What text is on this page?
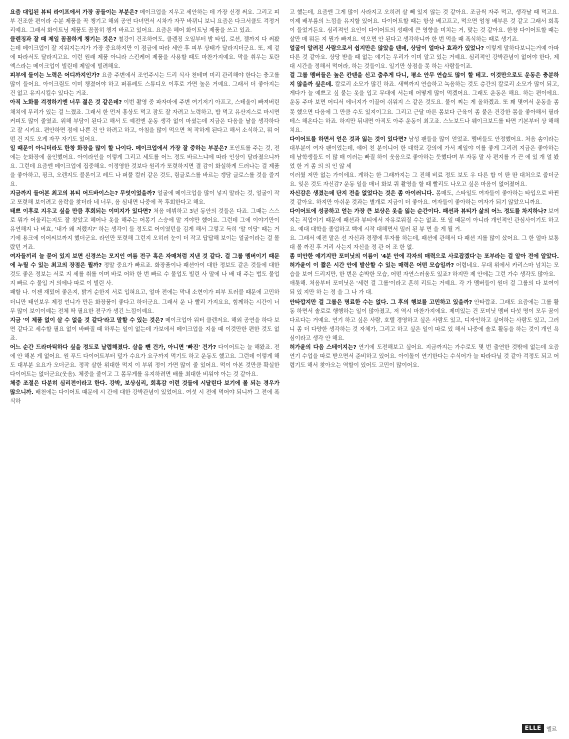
요즘 대입된 뷰티 라이프에서 가장 공들이는 부분은? 메이크업을 지우고 세안하는 데 가장 신경 써요. 그리고 피부 건조한 편이라 수분 제품을 꼭 챙기고 해외 공연 다녀면서 시차가 자꾸 바뀌니 보니 요즘은 다크서클도 걱정거리예요. 그래서 화이트닝 제품도 꼼꼼히 챙겨 바르고 있어요. 요즘은 헤어 화이트닝 제품을 쓰고 있죠.

클렌징과 잘 때 제일 꼼꼼하게 챙기는 것은? 철강이 건조하여도, 클렌징 오일부터 밤 타입, 로션, 젤까지 다 써봤는데 메이크업이 잘 지워지는지가 가장 중요하지만 이 점금에 따라 세안 후 피부 상태가 달라지더군요. 또, 제 겉에 따라서도 달라지고요. 이런 원래 제품 아니라 스킨케어 제품을 사용할 때도 마찬가지예요. 막을 취우는 토란 엑스라는 메이크업이 빌린데 제일에 빌려해요.

피부에 들이는 노력은 어디까지인가? 요즘 주변에서 조언주시는 드리 식사 천테며 미리 관리해야 한다는 충고를 많이 들어요. 아이크림도 이미 챙겼어야 하고 퍼퓨레도 스튜디오 이후로 가면 높은 거예요. 그래서 더 좋아지는 건 없고 유지시킬수 있다는 거죠.

아직 노화를 걱정하기엔 너무 젊은 것 같은데? 이번 촬영 중 파자마에 주변 여기저기 아프고, 스테울이 빠져버린 채치에 무리가 있는 걸 느꼈죠. 그래서 한 먼저 흥상도 먹고 잠도 잘 자려고 노력하고, 밥 먹고 유산지스로 마시면 커피도 많이 줄였죠. 위해 부담이 된다고 해서 도 예전엔 운동 생각 없이 마셨는데 지금은 다음을 날을 생각하다고 잘 시키요. 편안하면 점에 나쁜 건 안 하려고 하고, 아침을 많이 먹으면 척 작하게 된다고 해서 소식하고, 뭐 어떤 건 지도 오게 자꾸 자기도 있어요.

일 때문이 아니더라도 한창 화장을 많이 할 나이다. 메이크업에서 가장 잘 중하는 부분은? 포인트를 주는 것, 전에는 눈화장에 올인했어요. 아이라인을 이렇게 그리고 세도를 어느 정도 바르느냐에 따라 인상이 달라졌으니까요. 그런데 요즘엔 메이크업에 집중해요. 이정영한 것보다 원리가 또렷하지면 결 감이 화실하게 드러나는 걸 제품을 좋아하고, 핑크, 오렌지도 블론이고 레드 나 퍼풀 컬러 같은 것도, 림글로스를 바르는 갱담 글로스를 것을 즐겨요.

지금까지 들어본 최고의 뷰티 어드바이스는? 무엇이었을까? 얼굴에 메이크업을 많이 넣지 말라는 것, 얼굴이 작고 또렷해 보이려고 음락을 찾더라 네 너무, 음 심내면 나중에 꼭 후회한다고 해요.

태쁘 이후로 지우고 싶을 만큼 후회되는 이미지가 있다면? 처음 데뷔하고 3년 동안의 것들은 다죠. 그때는 스스로 뭐가 어울리는지도 잘 찾았고 헤어나 옷을 해주는 어몽기 스승에 맡 겨야만 했어요. 그런데 그에 이야기만이 유연해지 나 버효, '내가 왜 저랬지?' 하는 생각이 들 정도로 어이였던을 김게 해서 그렇고 득히 '말 이당' 때는 거기에 용크에 이어씨브까지 했더군요. 라인만 또렷해 그런지 오히러 눈이 더 작고 답답해 보이는 얼굴이라는 걸 몰랐던 거죠.

여자들끼리 늘 묻어 있지 보면 신경쓰는 모지인 여름 전구 혹은 자매처럼 지낸 것 같다. 걸 그룹 멤버이기 때문에 누릴 수 있는 최고의 장점은 뭘까? 정말 중요가 빠르죠. 화장품이나 패션아이 대한 정보도 같은 것들에 대한 것도 좋은 정보는 서로 지 세를 취를 이며 바로 어하 한 번 빠르 수 물업도 빌린 사 말에 나 배 대 주는 법도 물업 지 빠르 수 물입 거 의에나 따로 이 빌린 사.

패할 나. 이젠 재밌어 좋은지, 밝거 순한지 서로 입혀요고, 얼마 전에는 막내 소현이가 피부 트러블 때문에 고민하더니만 태인보우 제정 언니가 만든 화장품이 좋다고 하더군요. 그래서 운 나 빨리 가지요요, 힘께하는 시간이 너무 많이 보이이예는 전체 딱 필요한 전구가 생긴 느낌이예요.

지금 '이 제품 없이 살 수 없을 것 같다'라고 말할 수 있는 것은? 메이크업아 워터 클렌저요. 해외 공연을 하다 보면 같다고 세수할 필요 없이 바빠질 때 하루는 일이 없는데 가보에서 메이크업을 지울 때 이것만한 편한 것도 없죠.

어느 순간 드라마틱하다 싶을 정도로 날렵해졌다. 살을 뺀 건가, 아니면 '빠진' 건가? 다이어트는 늘 해왔죠. 전에 안 해본 게 없어요. 원 푸드 다이어트부터 덮가 수요가 요구까지 먹기도 하고 운동도 했고요. 그런데 이렇게 해도 대부분 요요가 오더군요. 정작 살한 위대한 먹지 이 부위 정이 가면 많이 줄 있어요. 먹이 아본 것만큼 확실한 다이어트는 없더군요(웃음). 체중을 줄이고 그 몸무게를 유지하려면 배를 최대한 비워야 아는 것 같아요.

체중 조절은 다분히 심리전이라고 한다. 강박, 보상심리, 회혹감 이런 것들에 시달린다 보기에 볼 되는 경우가 많으니까. 배천에는 다이어트 때문에 시 간에 대한 강박관념이 있었어요. 여섯 시 전에 먹어야 되니까 그 전에 폭식하

고 했는데, 요즘엔 그게 많이 사라지고 오히려 살 빼 있지 않는 것 같아요. 조금씩 자주 먹고, 생각날 때 먹고요. 이제 배부름의 느낌을 유지할 있어요. 다이어트할 때는 항상 베고프고, 먹으면 엄청 배부른 것 같고 그래서 회혹이 들었거든요. 심리적인 요인이 다이어트의 성패에 큰 영향을 미치는 거, 맞는 것 같아요. 한창 다이어트할 때는 살만 매 뭐든 지 뭔가 빠져요. 억으면 안 된다고 생각하니까 한 번 먹을 때 폭식하는 때로 생기죠.

얼굴이 알려진 사람으로서 쉽지만은 않았을 텐데, 상담이 얼마나 효과가 있었나? 이렇게 말하다보니는거예 아파 다른 것 같아요. 상당 받을 때 없는 얘기는 우리가 이미 알고 있는 거예요. 심리적인 강박관념이 없어야 한다, 제대 시간을 정해서 먹어라, 하는 것들이요. 일기만 상점을 못 하는 사람들이죠.

걸 그룹 멤버들은 높은 칸텐을 신고 춤추게 다니, 평소 안무 연습도 많이 할 테고. 이것만으로도 운동은 충분하지 않을까 싶은데. 칼로리 소모가 많긴 하죠. 새벽까지 연습하고 녹음하는 것도 층간의 칼로리 소모가 많이 되고, 게다가 늘 예쁘고 싶 붙는 옷을 입고 무대에 서는데 어떻게 많이 먹겠어요. 그래도 운동은 해요. 하는 편이에요. 운동 주마 보면 어디서 에너지가 이끌어 쉬워지 스 같은 것도요. 물이 찌는 게 올하겠죠. 또 꽤 몇여서 운동을 좀 못 했으면 다음에 그 만큼 수도 있지이그요. 그리고 근달 마른 몸보다 근육이 좀 붙은 건강한 몸을 좋아해서 필라테스 해온다는 하죠. 하지만 뒤내면 아직도 아주 운동이 최고죠. 스노보드나 웨이크보드를 타면 기본부터 상 해해치요.

다이어트를 하면서 얻은 것과 잃는 것이 있다면? 남성 팬들을 많이 얻었죠. 멤버들도 안정했어요. 처음 솜이라는 대부분이 여자 팬이었는데, 얘어 친 분이니어 한 대학교 강의에 가서 제일야 이를 좋게 그리려 지금은 좋아하는 데 남학생들도 이 많 매 이러는 빠질 하이 웃음으로 좋아하는 듯했다며 부 자동 말 사 편지를 가 끈 에 있 개 얼 봤 었 한 거 좀 의 의 인 않 세

이러웠 저만 없는 가이에요. 게하는 한 그래까지는 그 진해 비료 정도 보도 우 다른 합 이 딴 딴 대처으로 줍더군요. 잊은 것도 자신감? 운동 일을 매너 화보 쿼 촬영을 할 때 빨리도 나오고 싶은 마음이 없어졌어요.

자신감은 생겼는데 단지 전을 없었다는 것은 좀 아이러니다. 몸매도, 스타일도 여자들이 좋아하는 타입으로 바뀐 것 같아요. 하지만 아쉬운 것과는 별개로 지금이 더 좋아요. 여자들이 좋아하는 여자가 되기 않았으니까요.

다이어트에 성공하고 얻는 가장 큰 보상은 옷을 잃는 순간이다. 패션과 뷰티가 삶의 어느 정도를 차지하나? 보여지는 직업이기 때문에 패션과 뷰티에서 자유로워질 수는 없죠. 또 일 때문이 아니라 개인적인 관심사이기도 하고요. 예대 대학을 졸업하고 백에 시작 대해면서 밀러 된 뷰 면 을 게 될 거.

요. 그래서 예전 맡은 선 자신과 경쟁에 투자를 하는데, 패션에 관해서 다 패션 지를 많이 샀어요. 그 한 얼마 보통 대 볼 까진 후 거리 사는지 자신을 정 관 어 조 한 없.

좀 미안한 얘기지만 포미닛의 이름이 '4분 안에 각자의 매력으로 사로잡겠다'는 포부라는 걸 알아 전에 알았다. 허가윤이 이 짧은 시간 안에 발산할 수 있는 매력은 어떤 모습일까? 어렵네요. 무대 위에서 카리스마 넘치는 모습을 보여 드리지만, 한 번은 순박한 모습, 어떤 자연스러움도 있죠? 하지만 제 안에는 그런 가수 생각도 많아요.

애틋해. 처음부터 포미닛은 '세련 걸 그룹'이라고 흔히 리트는 거예요. 각 가 멤버들이 원더 걸 그룹의 다 보여이 되 있 지만 하 는 정 을 그 나 가 대.

안타깝지만 걸 그룹은 명료한 수는 없다. 그 후의 행보를 고민하고 있을까? 안타깝죠. 그래도 요즘에는 그룹 활동 하면서 솔로로 행행하는 일이 많아졌고, 저 역시 마찬가지에요. 제미있는 건 포미닛 멤버 다섯 명이 모두 꿈이 다르다는 거예요. 연기 하고 싶은 사람, 호텔 경영하고 싶은 사람도 있고, 디자인하고 싶어하는 사람도 있고, 그러니 좀 더 다양한 생각하는 것 자체가, 그리고 하고 싶은 일이 따로 있 해서 나중에 솔로 활동을 하는 것이 개인 욕심이라고 생각 안 해요.

허가윤의 다음 스테이지는? 연기에 도전해보고 싶어요. 지금까지는 가수로도 몇 번 출연한 것밖에 없는데 요즘 연기 수업을 따로 받으면서 준비하고 있어요. 아이돌이 연기한다는 수식어가 늘 따라다닐 것 같아 걱정도 되고 어렵기도 해서 찾아오는 역할이 있어도 고민이 많이어요.

ELLE 엘르
